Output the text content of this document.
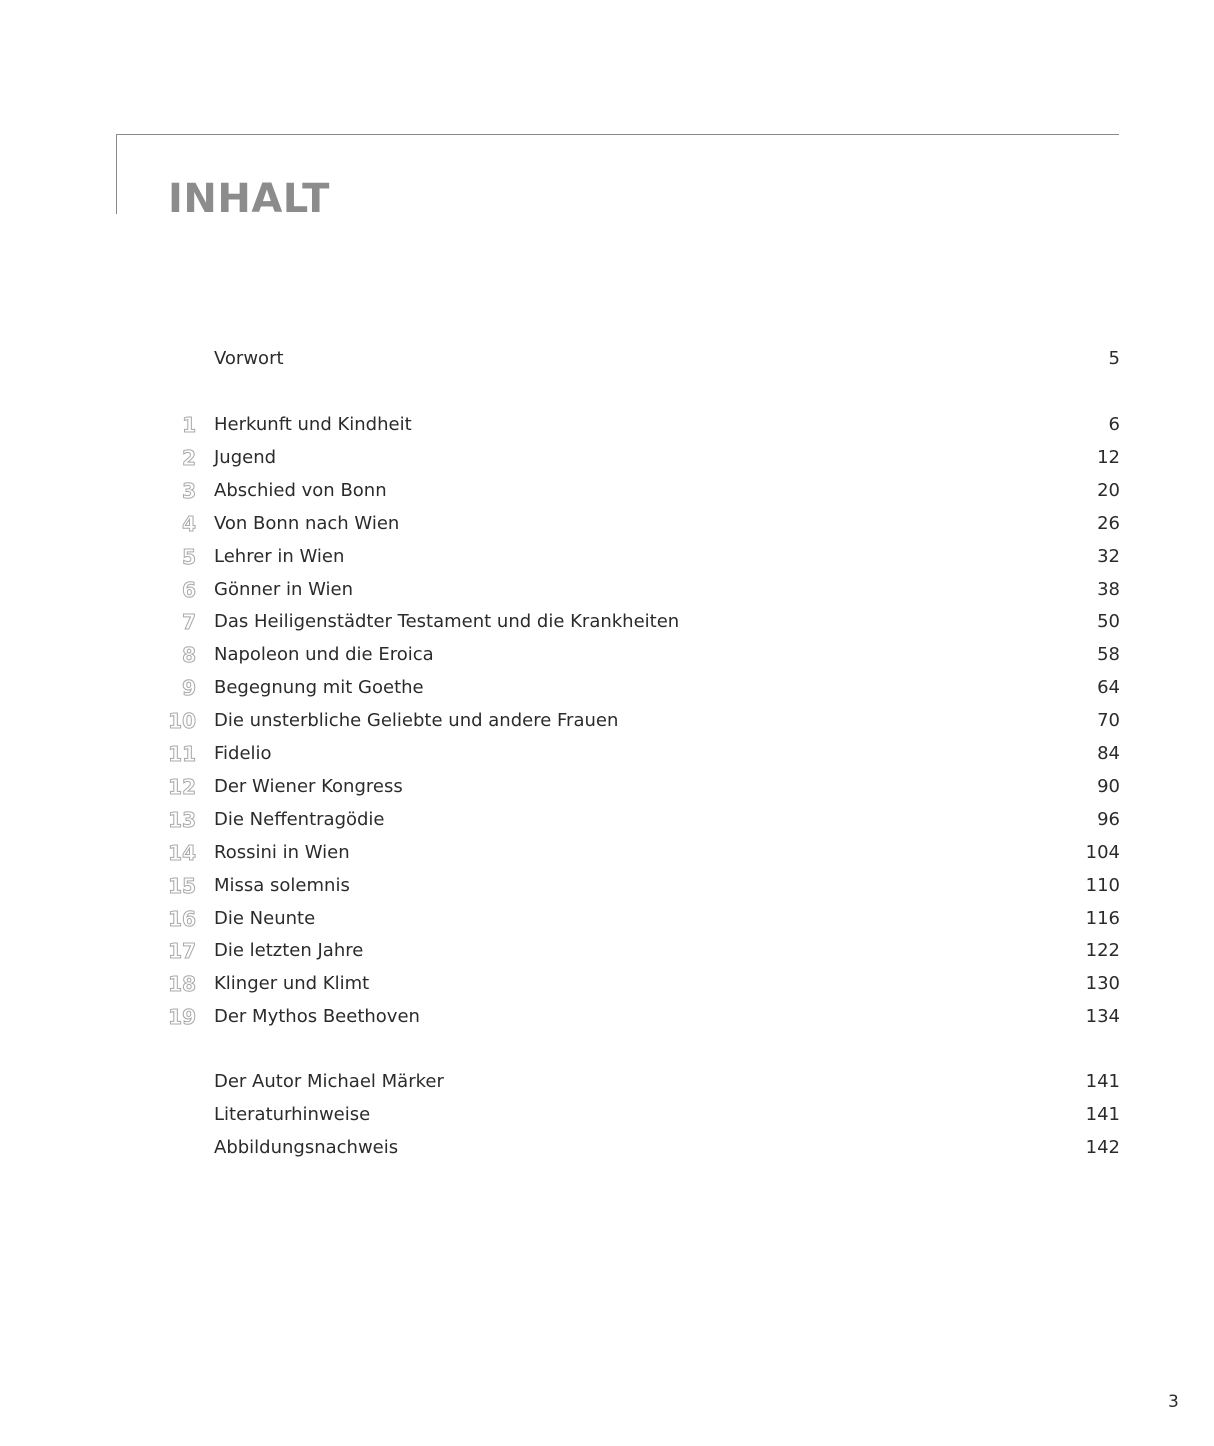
INHALT
Vorwort	5
1 Herkunft und Kindheit	6
2 Jugend	12
3 Abschied von Bonn	20
4 Von Bonn nach Wien	26
5 Lehrer in Wien	32
6 Gönner in Wien	38
7 Das Heiligenstädter Testament und die Krankheiten	50
8 Napoleon und die Eroica	58
9 Begegnung mit Goethe	64
10 Die unsterbliche Geliebte und andere Frauen	70
11 Fidelio	84
12 Der Wiener Kongress	90
13 Die Neffentragödie	96
14 Rossini in Wien	104
15 Missa solemnis	110
16 Die Neunte	116
17 Die letzten Jahre	122
18 Klinger und Klimt	130
19 Der Mythos Beethoven	134
Der Autor Michael Märker	141
Literaturhinweise	141
Abbildungsnachweis	142
3
